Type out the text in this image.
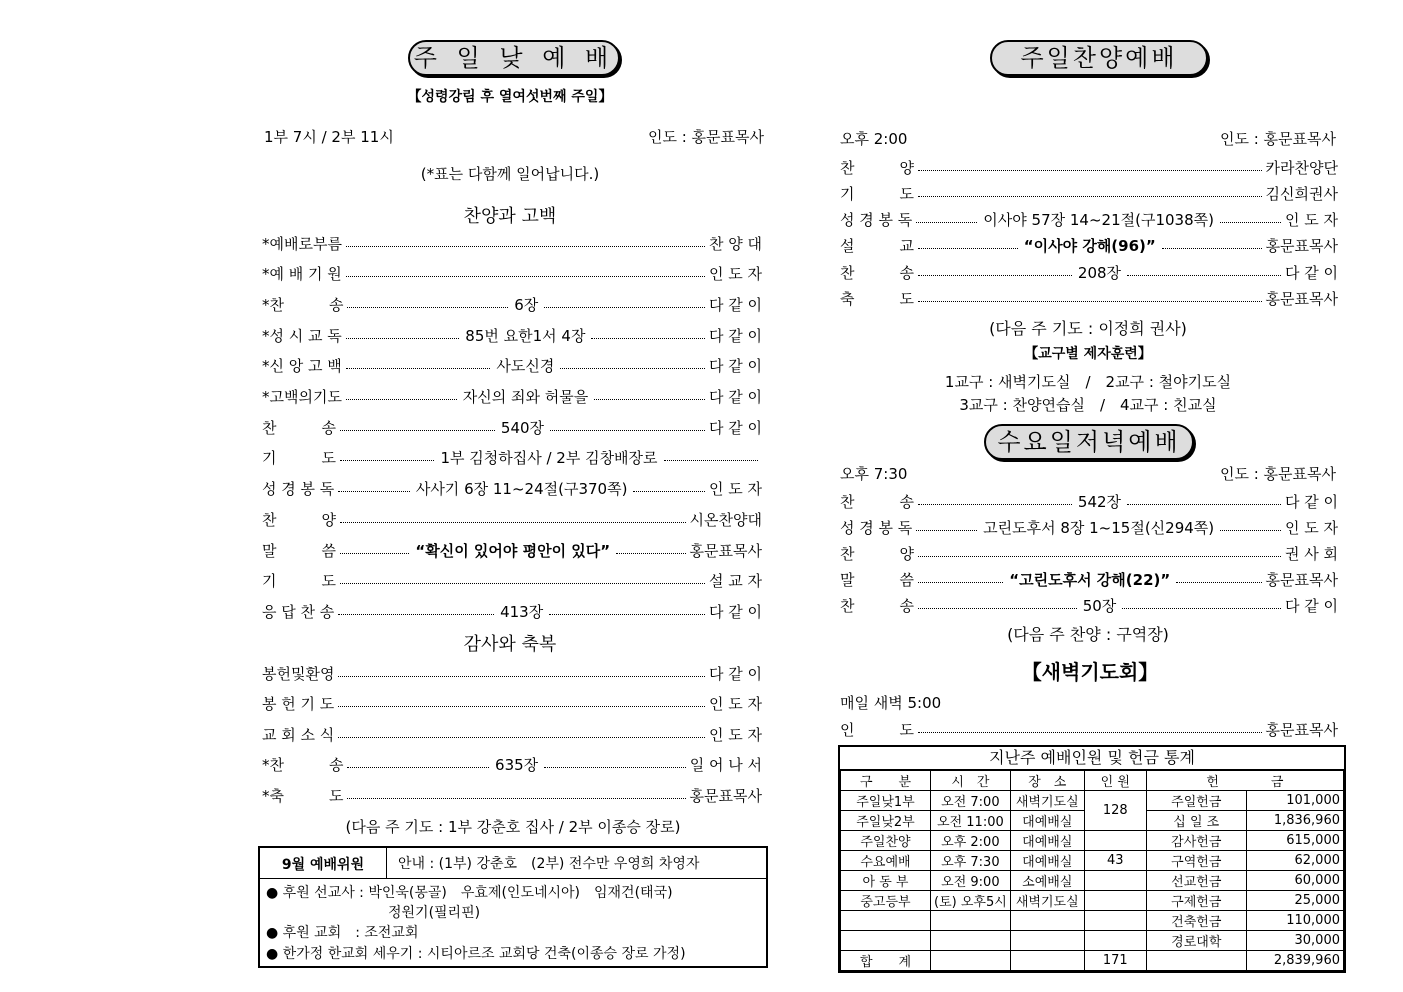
주 일 낮 예 배
【성령강림 후 열여섯번째 주일】
1부 7시 / 2부 11시	인도 : 홍문표목사
(*표는 다함께 일어납니다.)
찬양과 고백
*예배로부름	찬 양 대
*예 배 기 원	인 도 자
*찬　　　송	6장	다 같 이
*성 시 교 독	85번 요한1서 4장	다 같 이
*신 앙 고 백	사도신경	다 같 이
*고백의기도	자신의 죄와 허물을	다 같 이
찬　　　송	540장	다 같 이
기　　　도	1부 김청하집사 / 2부 김창배장로
성 경 봉 독	사사기 6장 11~24절(구370쪽)	인 도 자
찬　　　양	시온찬양대
말　　　씀	“확신이 있어야 평안이 있다”	홍문표목사
기　　　도	설 교 자
응 답 찬 송	413장	다 같 이
감사와 축복
봉헌및환영	다 같 이
봉 헌 기 도	인 도 자
교 회 소 식	인 도 자
*찬　　　송	635장	일 어 나 서
*축　　　도	홍문표목사
(다음 주 기도 : 1부 강춘호 집사 / 2부 이종승 장로)
9월 예배위원	안내 : (1부) 강춘호　(2부) 전수만 우영희 차영자
● 후원 선교사 : 박인욱(몽골)　우효제(인도네시아)　임재건(태국)
정원기(필리핀)
● 후원 교회　: 조전교회
● 한가정 한교회 세우기 : 시티아르조 교회당 건축(이종승 장로 가정)
주일찬양예배
오후 2:00	인도 : 홍문표목사
찬　　　양	카라찬양단
기　　　도	김신희권사
성 경 봉 독	이사야 57장 14~21절(구1038쪽)	인 도 자
설　　　교	“이사야 강해(96)”	홍문표목사
찬　　　송	208장	다 같 이
축　　　도	홍문표목사
(다음 주 기도 : 이정희 권사)
【교구별 제자훈련】
1교구 : 새벽기도실　/　2교구 : 철야기도실
3교구 : 찬양연습실　/　4교구 : 친교실
수요일저녁예배
오후 7:30	인도 : 홍문표목사
찬　　　송	542장	다 같 이
성 경 봉 독	고린도후서 8장 1~15절(신294쪽)	인 도 자
찬　　　양	권 사 회
말　　　씀	“고린도후서 강해(22)”	홍문표목사
찬　　　송	50장	다 같 이
(다음 주 찬양 : 구역장)
【새벽기도회】
매일 새벽 5:00
인　　　도	홍문표목사
지난주 예배인원 및 헌금 통계
구　　분	시　간	장　소	인 원	헌　　　　금	
주일낮1부	오전 7:00	새벽기도실	128	주일헌금	101,000
주일낮2부	오전 11:00	대예배실		십 일 조	1,836,960
주일찬양	오후 2:00	대예배실		감사헌금	615,000
수요예배	오후 7:30	대예배실	43	구역헌금	62,000
아 동 부	오전 9:00	소예배실		선교헌금	60,000
중고등부	(토) 오후5시	새벽기도실		구제헌금	25,000
				건축헌금	110,000
				경로대학	30,000
합　　계			171		2,839,960
